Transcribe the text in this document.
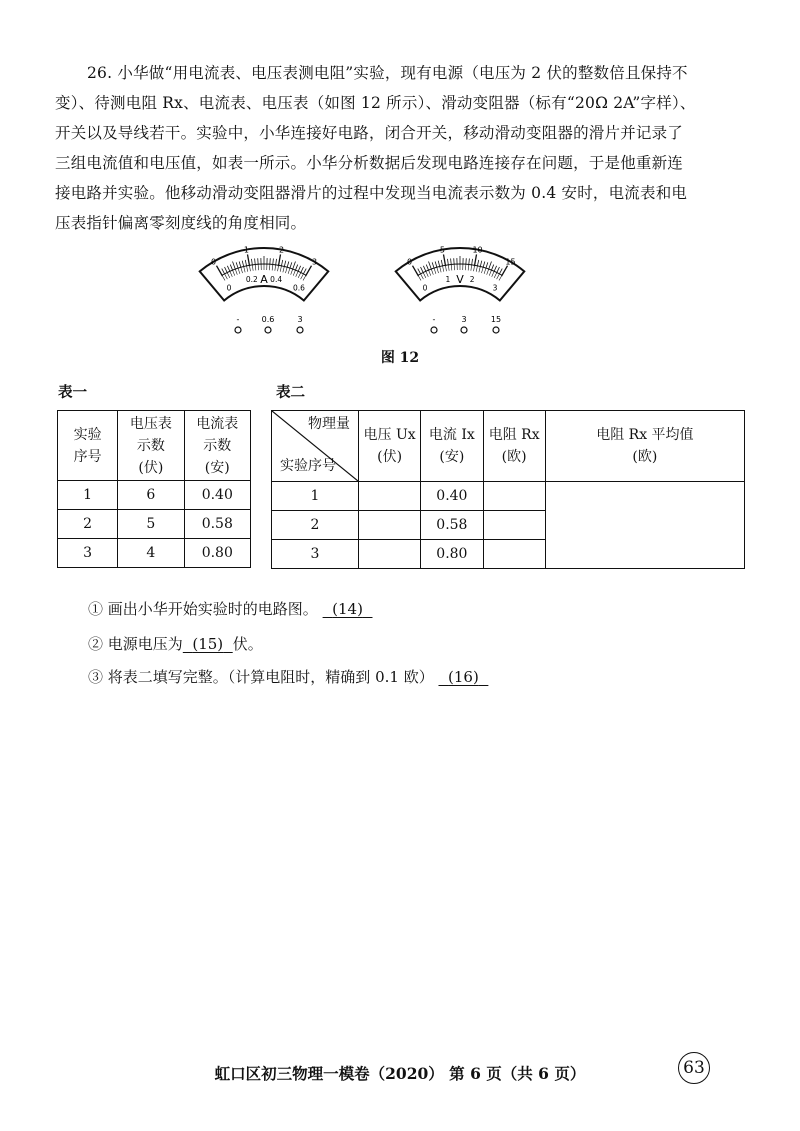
26. 小华做“用电流表、电压表测电阻”实验，现有电源（电压为 2 伏的整数倍且保持不

变）、待测电阻 Rx、电流表、电压表（如图 12 所示）、滑动变阻器（标有“20Ω 2A”字样）、

开关以及导线若干。实验中，小华连接好电路，闭合开关，移动滑动变阻器的滑片并记录了

三组电流值和电压值，如表一所示。小华分析数据后发现电路连接存在问题，于是他重新连

接电路并实验。他移动滑动变阻器滑片的过程中发现当电流表示数为 0.4 安时，电流表和电

压表指针偏离零刻度线的角度相同。

0
1	2
3
0
0.2 0.4
0.6
A
-	0.6	3
0
5	10
15
0
1	2
3
V
-	3	15
图 12
表一	表二
实验
序号	电压表
示数
(伏)	电流表
示数
(安)
1	6	0.40
2	5	0.58
3	4	0.80
物理量
实验序号	电压 Ux
(伏)	电流 Ix
(安)	电阻 Rx
(欧)	电阻 Rx 平均值
(欧)
1		0.40		
2		0.58		
3		0.80		
① 画出小华开始实验时的电路图。 (14)
② 电源电压为 (15) 伏。
③ 将表二填写完整。（计算电阻时，精确到 0.1 欧） (16)
虹口区初三物理一模卷（2020） 第 6 页（共 6 页）	63
